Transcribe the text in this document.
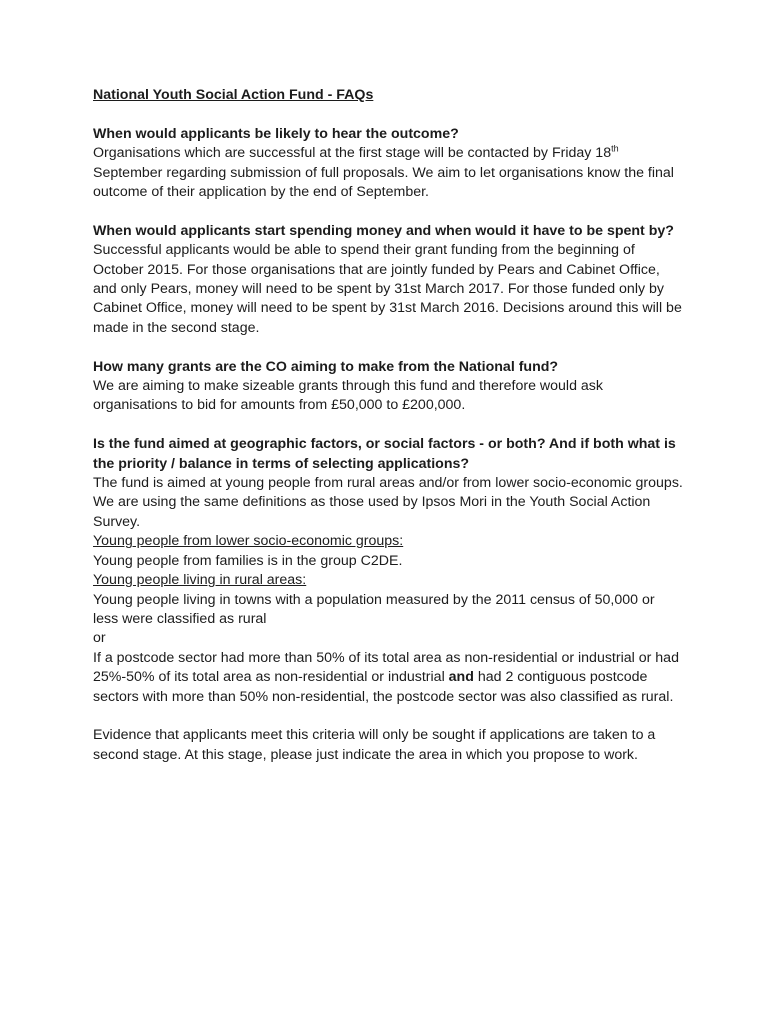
National Youth Social Action Fund - FAQs

When would applicants be likely to hear the outcome?

Organisations which are successful at the first stage will be contacted by Friday 18th September regarding submission of full proposals. We aim to let organisations know the final outcome of their application by the end of September.

When would applicants start spending money and when would it have to be spent by?

Successful applicants would be able to spend their grant funding from the beginning of October 2015. For those organisations that are jointly funded by Pears and Cabinet Office, and only Pears, money will need to be spent by 31st March 2017. For those funded only by Cabinet Office, money will need to be spent by 31st March 2016. Decisions around this will be made in the second stage.

How many grants are the CO aiming to make from the National fund?

We are aiming to make sizeable grants through this fund and therefore would ask organisations to bid for amounts from £50,000 to £200,000.

Is the fund aimed at geographic factors, or social factors - or both? And if both what is the priority / balance in terms of selecting applications?

The fund is aimed at young people from rural areas and/or from lower socio-economic groups. We are using the same definitions as those used by Ipsos Mori in the Youth Social Action Survey.

Young people from lower socio-economic groups:

Young people from families is in the group C2DE.

Young people living in rural areas:

Young people living in towns with a population measured by the 2011 census of 50,000 or less were classified as rural

or

If a postcode sector had more than 50% of its total area as non-residential or industrial or had 25%-50% of its total area as non-residential or industrial and had 2 contiguous postcode sectors with more than 50% non-residential, the postcode sector was also classified as rural.

Evidence that applicants meet this criteria will only be sought if applications are taken to a second stage. At this stage, please just indicate the area in which you propose to work.
